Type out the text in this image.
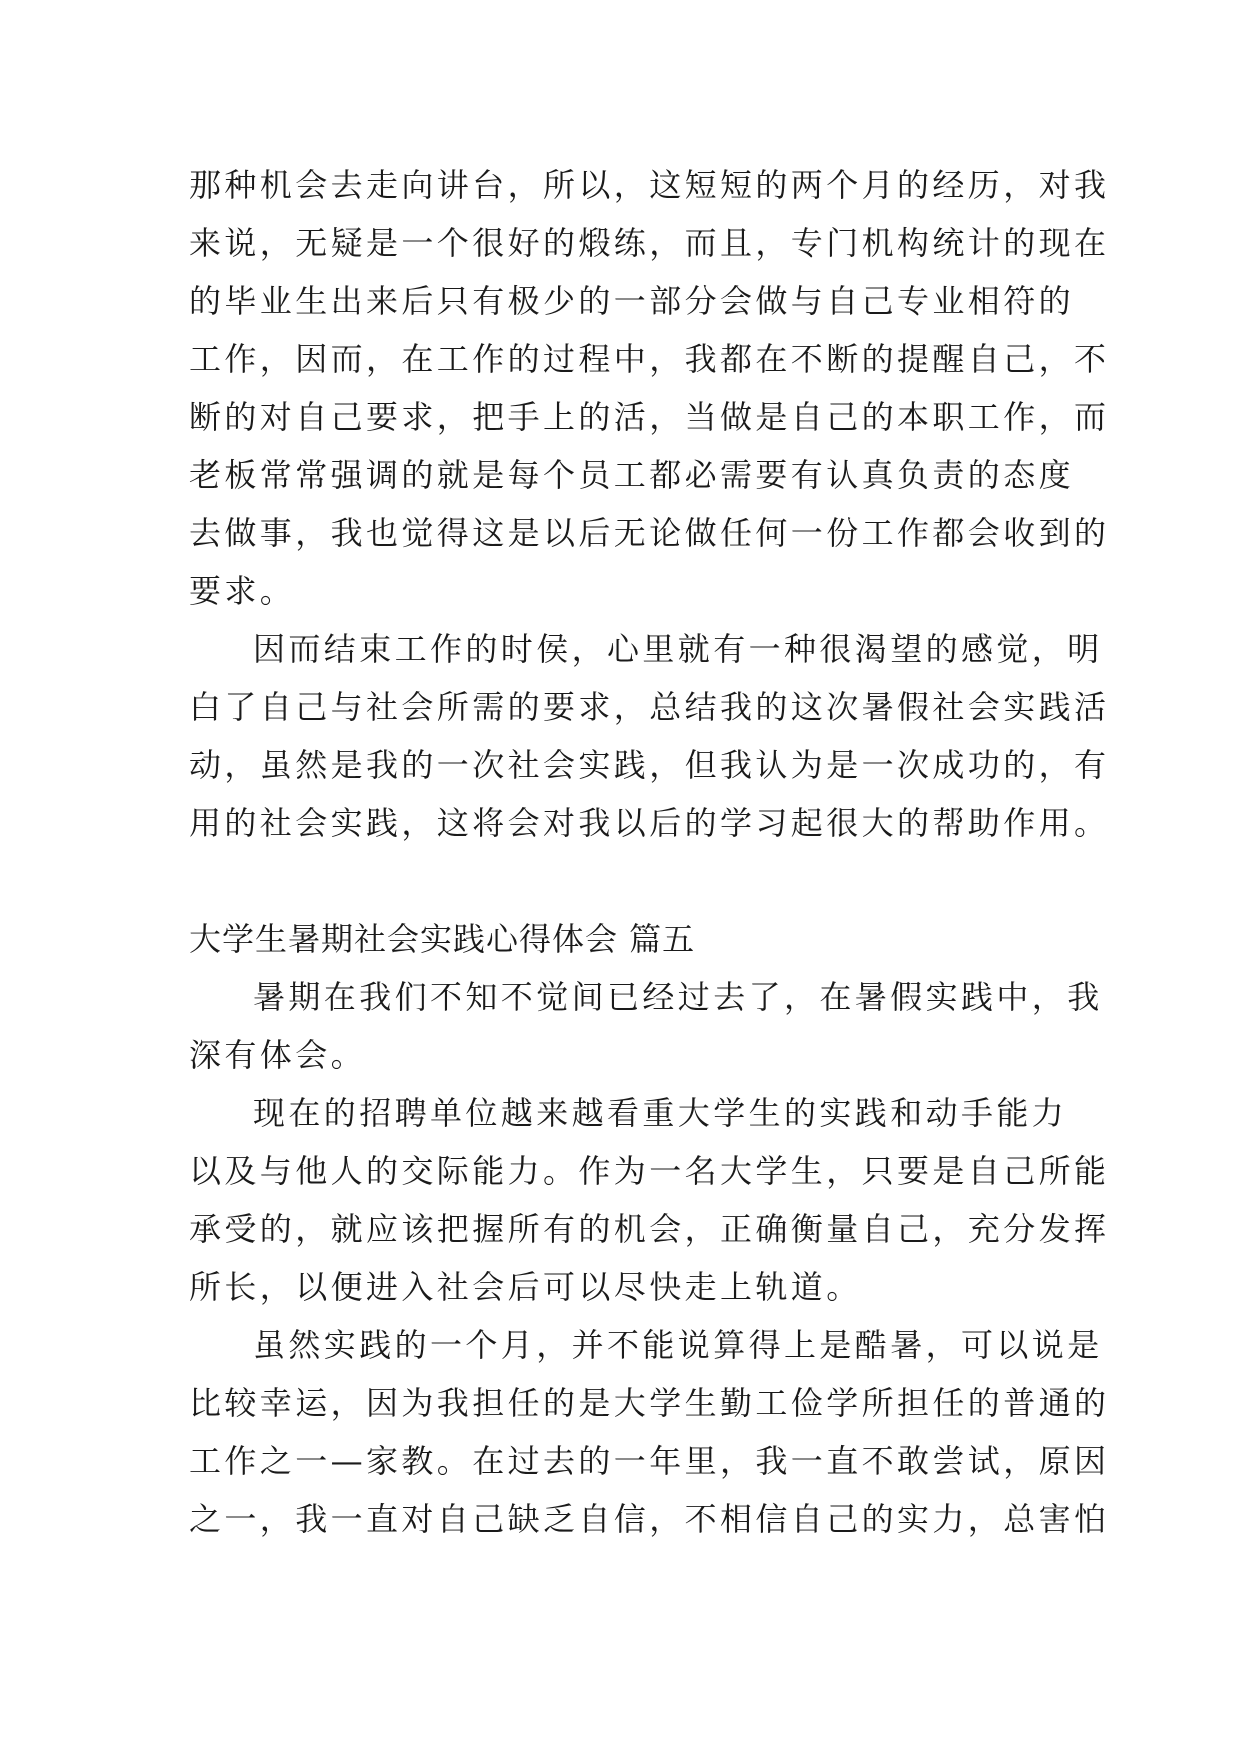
那种机会去走向讲台，所以，这短短的两个月的经历，对我
来说，无疑是一个很好的煅练，而且，专门机构统计的现在
的毕业生出来后只有极少的一部分会做与自己专业相符的
工作，因而，在工作的过程中，我都在不断的提醒自己，不
断的对自己要求，把手上的活，当做是自己的本职工作，而
老板常常强调的就是每个员工都必需要有认真负责的态度
去做事，我也觉得这是以后无论做任何一份工作都会收到的
要求。
因而结束工作的时侯，心里就有一种很渴望的感觉，明
白了自己与社会所需的要求，总结我的这次暑假社会实践活
动，虽然是我的一次社会实践，但我认为是一次成功的，有
用的社会实践，这将会对我以后的学习起很大的帮助作用。
大学生暑期社会实践心得体会 篇五
暑期在我们不知不觉间已经过去了，在暑假实践中，我
深有体会。
现在的招聘单位越来越看重大学生的实践和动手能力
以及与他人的交际能力。作为一名大学生，只要是自己所能
承受的，就应该把握所有的机会，正确衡量自己，充分发挥
所长，以便进入社会后可以尽快走上轨道。
虽然实践的一个月，并不能说算得上是酷暑，可以说是
比较幸运，因为我担任的是大学生勤工俭学所担任的普通的
工作之一—家教。在过去的一年里，我一直不敢尝试，原因
之一，我一直对自己缺乏自信，不相信自己的实力，总害怕
